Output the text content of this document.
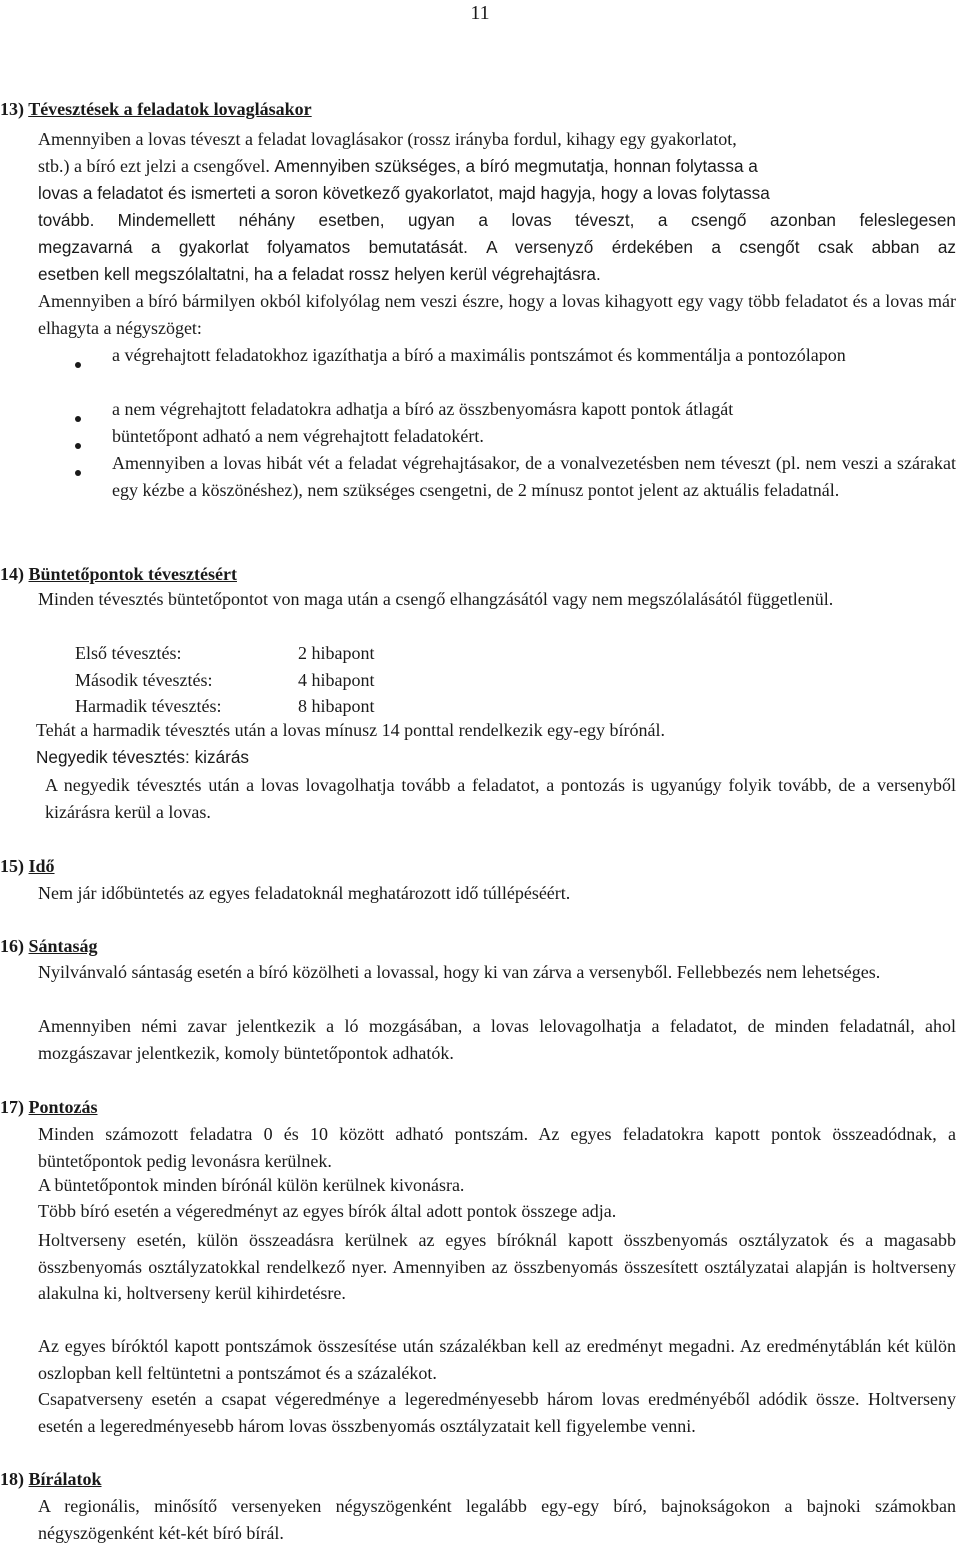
11
13) Tévesztések a feladatok lovaglásakor
Amennyiben a lovas téveszt a feladat lovaglásakor (rossz irányba fordul, kihagy egy gyakorlatot,
stb.) a bíró ezt jelzi a csengővel. Amennyiben szükséges, a bíró megmutatja, honnan folytassa a
lovas a feladatot és ismerteti a soron következő gyakorlatot, majd hagyja, hogy a lovas folytassa
tovább. Mindemellett néhány esetben, ugyan a lovas téveszt, a csengő azonban feleslegesen
megzavarná a gyakorlat folyamatos bemutatását. A versenyző érdekében a csengőt csak abban az
esetben kell megszólaltatni, ha a feladat rossz helyen kerül végrehajtásra.
Amennyiben a bíró bármilyen okból kifolyólag nem veszi észre, hogy a lovas kihagyott egy vagy több feladatot és a lovas már elhagyta a négyszöget:
a végrehajtott feladatokhoz igazíthatja a bíró a maximális pontszámot és kommentálja a pontozólapon
a nem végrehajtott feladatokra adhatja a bíró az összbenyomásra kapott pontok átlagát
büntetőpont adható a nem végrehajtott feladatokért.
Amennyiben a lovas hibát vét a feladat végrehajtásakor, de a vonalvezetésben nem téveszt (pl. nem veszi a szárakat egy kézbe a köszönéshez), nem szükséges csengetni, de 2 mínusz pontot jelent az aktuális feladatnál.
14) Büntetőpontok tévesztésért
Minden tévesztés büntetőpontot von maga után a csengő elhangzásától vagy nem megszólalásától függetlenül.
Első tévesztés:	2 hibapont
Második tévesztés:	4 hibapont
Harmadik tévesztés:	8 hibapont
Tehát a harmadik tévesztés után a lovas mínusz 14 ponttal rendelkezik egy-egy bírónál.
Negyedik tévesztés: kizárás
A negyedik tévesztés után a lovas lovagolhatja tovább a feladatot, a pontozás is ugyanúgy folyik tovább, de a versenyből kizárásra kerül a lovas.
15) Idő
Nem jár időbüntetés az egyes feladatoknál meghatározott idő túllépéséért.
16) Sántaság
Nyilvánvaló sántaság esetén a bíró közölheti a lovassal, hogy ki van zárva a versenyből. Fellebbezés nem lehetséges.
Amennyiben némi zavar jelentkezik a ló mozgásában, a lovas lelovagolhatja a feladatot, de minden feladatnál, ahol mozgászavar jelentkezik, komoly büntetőpontok adhatók.
17) Pontozás
Minden számozott feladatra 0 és 10 között adható pontszám. Az egyes feladatokra kapott pontok összeadódnak, a büntetőpontok pedig levonásra kerülnek.
A büntetőpontok minden bírónál külön kerülnek kivonásra.
Több bíró esetén a végeredményt az egyes bírók által adott pontok összege adja.
Holtverseny esetén, külön összeadásra kerülnek az egyes bíróknál kapott összbenyomás osztályzatok és a magasabb összbenyomás osztályzatokkal rendelkező nyer. Amennyiben az összbenyomás összesített osztályzatai alapján is holtverseny alakulna ki, holtverseny kerül kihirdetésre.
Az egyes bíróktól kapott pontszámok összesítése után százalékban kell az eredményt megadni. Az eredménytáblán két külön oszlopban kell feltüntetni a pontszámot és a százalékot.
Csapatverseny esetén a csapat végeredménye a legeredményesebb három lovas eredményéből adódik össze. Holtverseny esetén a legeredményesebb három lovas összbenyomás osztályzatait kell figyelembe venni.
18) Bírálatok
A regionális, minősítő versenyeken négyszögenként legalább egy-egy bíró, bajnokságokon a bajnoki számokban négyszögenként két-két bíró bírál.
